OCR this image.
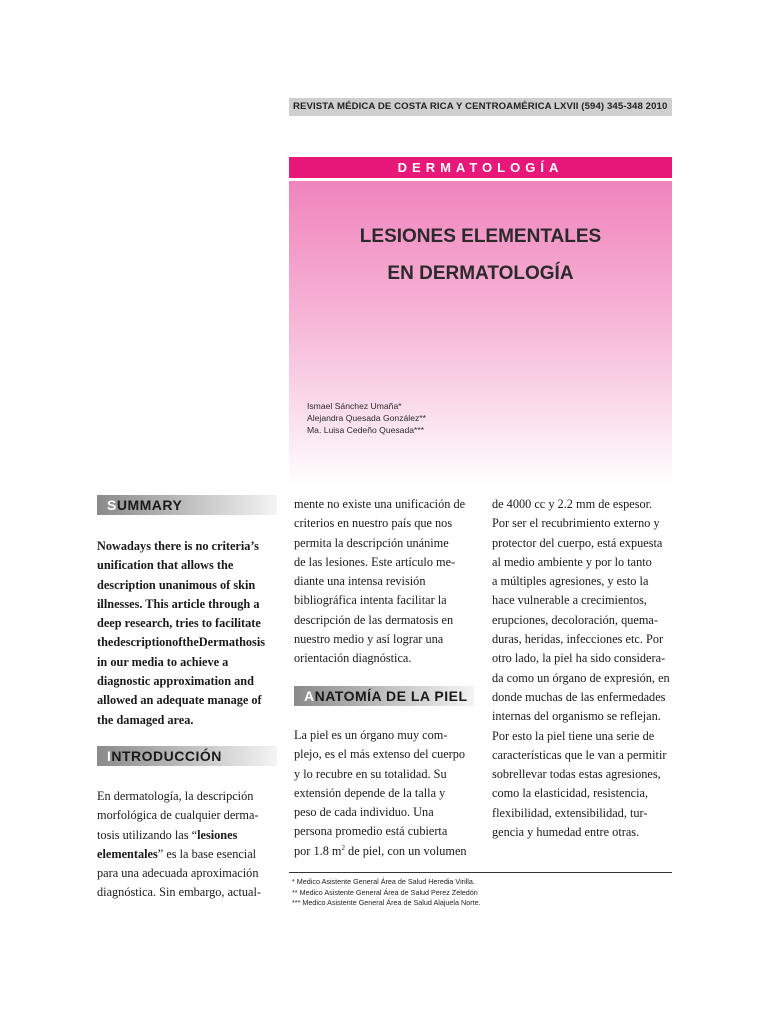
REVISTA MÉDICA DE COSTA RICA Y CENTROAMÉRICA LXVII (594) 345-348 2010
DERMATOLOGÍA
LESIONES ELEMENTALES
EN DERMATOLOGÍA
Ismael Sánchez Umaña*
Alejandra Quesada González**
Ma. Luisa Cedeño Quesada***
SUMMARY

Nowadays there is no criteria’s

unification that allows the

description unanimous of skin

illnesses. This article through a

deep research, tries to facilitate

thedescriptionoftheDermathosis

in our media to achieve a

diagnostic approximation and

allowed an adequate manage of

the damaged area.

INTRODUCCIÓN

En dermatología, la descripción

morfológica de cualquier derma-

tosis utilizando las “lesiones

elementales” es la base esencial

para una adecuada aproximación

diagnóstica. Sin embargo, actual-

mente no existe una unificación de

criterios en nuestro país que nos

permita la descripción unánime

de las lesiones. Este artículo me-

diante una intensa revisión

bibliográfica intenta facilitar la

descripción de las dermatosis en

nuestro medio y así lograr una

orientación diagnóstica.

ANATOMÍA DE LA PIEL

La piel es un órgano muy com-

plejo, es el más extenso del cuerpo

y lo recubre en su totalidad. Su

extensión depende de la talla y

peso de cada individuo. Una

persona promedio está cubierta

por 1.8 $m^2$ de piel, con un volumen

de 4000 cc y 2.2 mm de espesor.

Por ser el recubrimiento externo y

protector del cuerpo, está expuesta

al medio ambiente y por lo tanto

a múltiples agresiones, y esto la

hace vulnerable a crecimientos,

erupciones, decoloración, quema-

duras, heridas, infecciones etc. Por

otro lado, la piel ha sido considera-

da como un órgano de expresión, en

donde muchas de las enfermedades

internas del organismo se reflejan.

Por esto la piel tiene una serie de

características que le van a permitir

sobrellevar todas estas agresiones,

como la elasticidad, resistencia,

flexibilidad, extensibilidad, tur-

gencia y humedad entre otras.

* Medico Asistente General Área de Salud Heredia Virilla.
** Medico Asistente General Área de Salud Perez Zeledón
*** Medico Asistente General Área de Salud Alajuela Norte.
